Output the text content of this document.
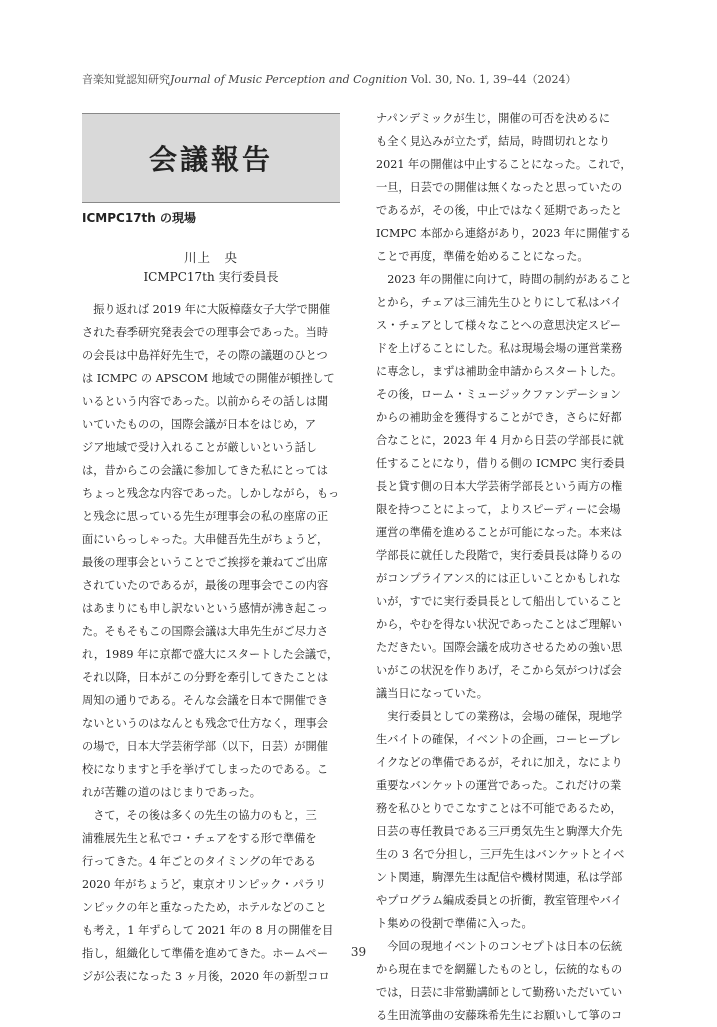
音楽知覚認知研究Journal of Music Perception and Cognition Vol. 30, No. 1, 39–44（2024）
会議報告
ICMPC17th の現場
川上　央
ICMPC17th 実行委員長
　振り返れば 2019 年に大阪樟蔭女子大学で開催
された春季研究発表会での理事会であった。当時
の会長は中島祥好先生で，その際の議題のひとつ
は ICMPC の APSCOM 地域での開催が頓挫して
いるという内容であった。以前からその話しは聞
いていたものの，国際会議が日本をはじめ，ア
ジア地域で受け入れることが厳しいという話し
は，昔からこの会議に参加してきた私にとっては
ちょっと残念な内容であった。しかしながら，もっ
と残念に思っている先生が理事会の私の座席の正
面にいらっしゃった。大串健吾先生がちょうど，
最後の理事会ということでご挨拶を兼ねてご出席
されていたのであるが，最後の理事会でこの内容
はあまりにも申し訳ないという感情が沸き起こっ
た。そもそもこの国際会議は大串先生がご尽力さ
れ，1989 年に京都で盛大にスタートした会議で，
それ以降，日本がこの分野を牽引してきたことは
周知の通りである。そんな会議を日本で開催でき
ないというのはなんとも残念で仕方なく，理事会
の場で，日本大学芸術学部（以下，日芸）が開催
校になりますと手を挙げてしまったのである。こ
れが苦難の道のはじまりであった。
　さて，その後は多くの先生の協力のもと，三
浦雅展先生と私でコ・チェアをする形で準備を
行ってきた。4 年ごとのタイミングの年である
2020 年がちょうど，東京オリンピック・パラリ
ンピックの年と重なったため，ホテルなどのこと
も考え，1 年ずらして 2021 年の 8 月の開催を目
指し，組織化して準備を進めてきた。ホームペー
ジが公表になった 3 ヶ月後，2020 年の新型コロ
ナパンデミックが生じ，開催の可否を決めるに
も全く見込みが立たず，結局，時間切れとなり
2021 年の開催は中止することになった。これで，
一旦，日芸での開催は無くなったと思っていたの
であるが，その後，中止ではなく延期であったと
ICMPC 本部から連絡があり，2023 年に開催する
ことで再度，準備を始めることになった。
　2023 年の開催に向けて，時間の制約があること
とから，チェアは三浦先生ひとりにして私はバイ
ス・チェアとして様々なことへの意思決定スピー
ドを上げることにした。私は現場会場の運営業務
に専念し，まずは補助金申請からスタートした。
その後，ローム・ミュージックファンデーション
からの補助金を獲得することができ，さらに好都
合なことに，2023 年 4 月から日芸の学部長に就
任することになり，借りる側の ICMPC 実行委員
長と貸す側の日本大学芸術学部長という両方の権
限を持つことによって，よりスピーディーに会場
運営の準備を進めることが可能になった。本来は
学部長に就任した段階で，実行委員長は降りるの
がコンプライアンス的には正しいことかもしれな
いが，すでに実行委員長として船出していること
から，やむを得ない状況であったことはご理解い
ただきたい。国際会議を成功させるための強い思
いがこの状況を作りあげ，そこから気がつけば会
議当日になっていた。
　実行委員としての業務は，会場の確保，現地学
生バイトの確保，イベントの企画，コーヒーブレ
イクなどの準備であるが，それに加え，なにより
重要なバンケットの運営であった。これだけの業
務を私ひとりでこなすことは不可能であるため，
日芸の専任教員である三戸勇気先生と駒澤大介先
生の 3 名で分担し，三戸先生はバンケットとイベ
ント関連，駒澤先生は配信や機材関連，私は学部
やプログラム編成委員との折衝，教室管理やバイ
ト集めの役割で準備に入った。
　今回の現地イベントのコンセプトは日本の伝統
から現在までを網羅したものとし，伝統的なもの
では，日芸に非常勤講師として勤務いただいてい
る生田流箏曲の安藤珠希先生にお願いして箏のコ
39
